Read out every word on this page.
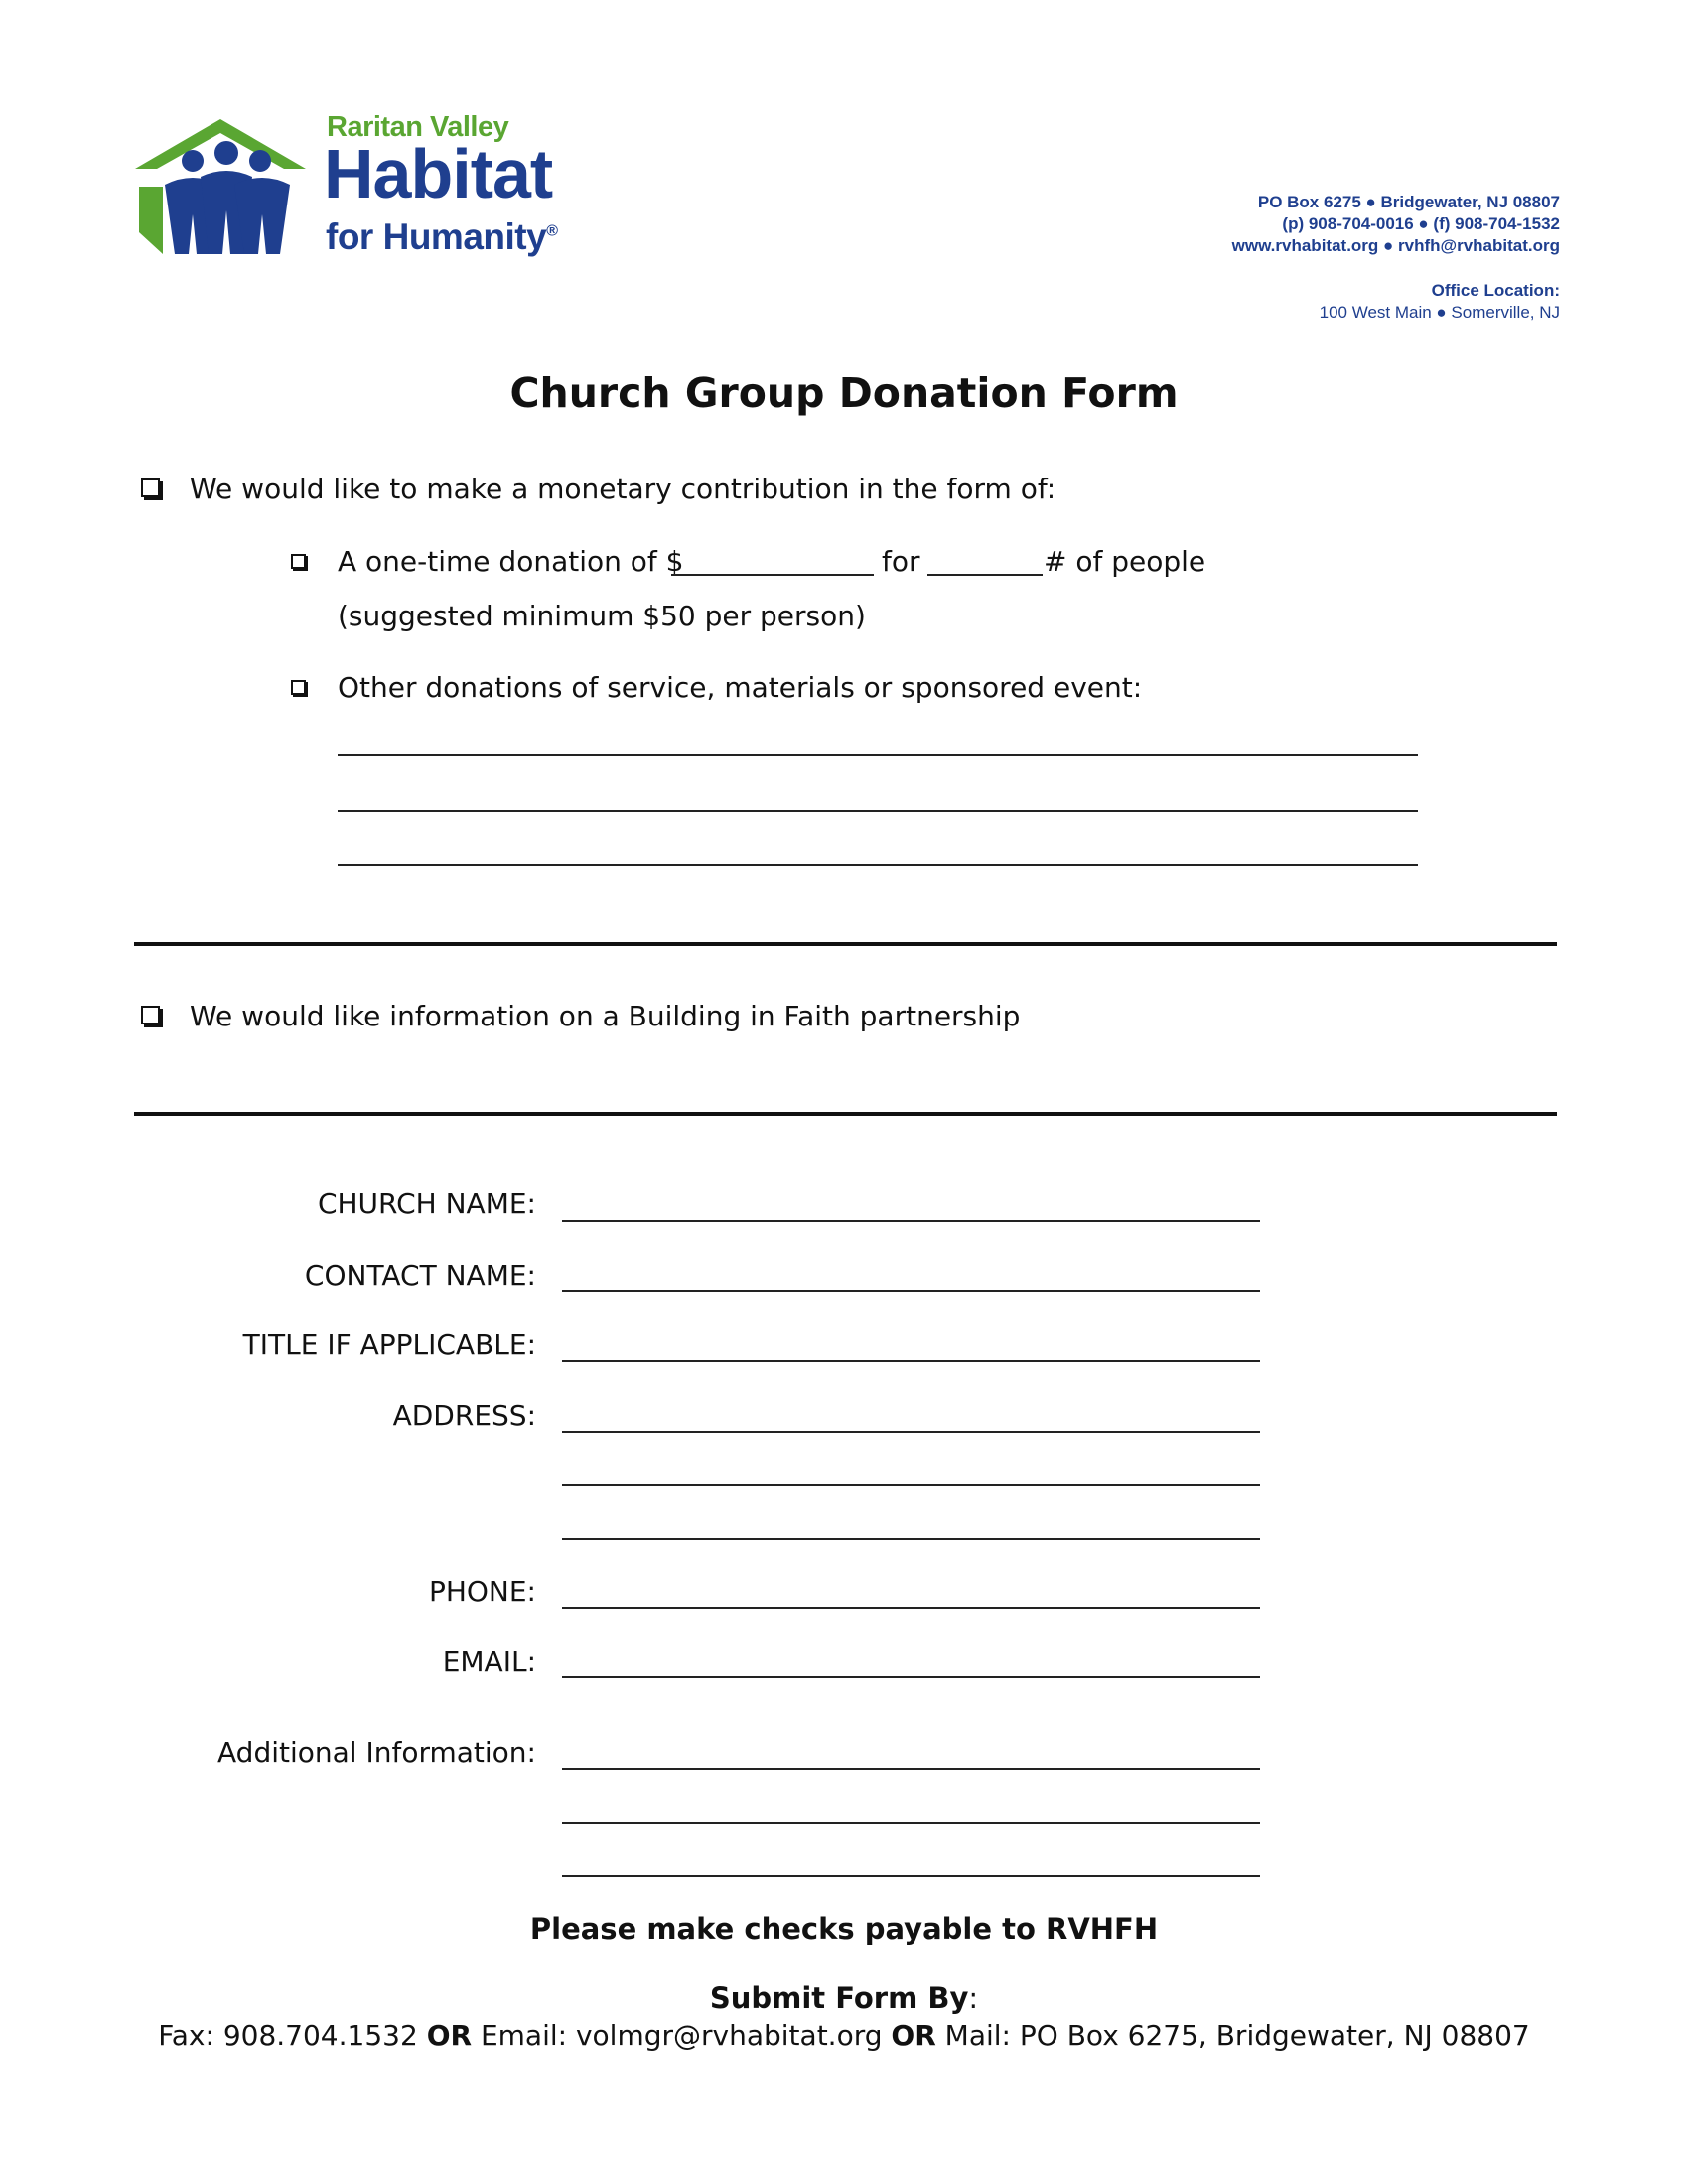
Raritan Valley
Habitat
for Humanity®
PO Box 6275 ● Bridgewater, NJ 08807
(p) 908-704-0016 ● (f) 908-704-1532
www.rvhabitat.org ● rvhfh@rvhabitat.org
Office Location:
100 West Main ● Somerville, NJ
Church Group Donation Form
We would like to make a monetary contribution in the form of:
A one-time donation of $	for	# of people
(suggested minimum $50 per person)
Other donations of service, materials or sponsored event:
We would like information on a Building in Faith partnership
CHURCH NAME:
CONTACT NAME:
TITLE IF APPLICABLE:
ADDRESS:
PHONE:
EMAIL:
Additional Information:
Please make checks payable to RVHFH
Submit Form By:
Fax: 908.704.1532 OR Email: volmgr@rvhabitat.org OR Mail: PO Box 6275, Bridgewater, NJ 08807
